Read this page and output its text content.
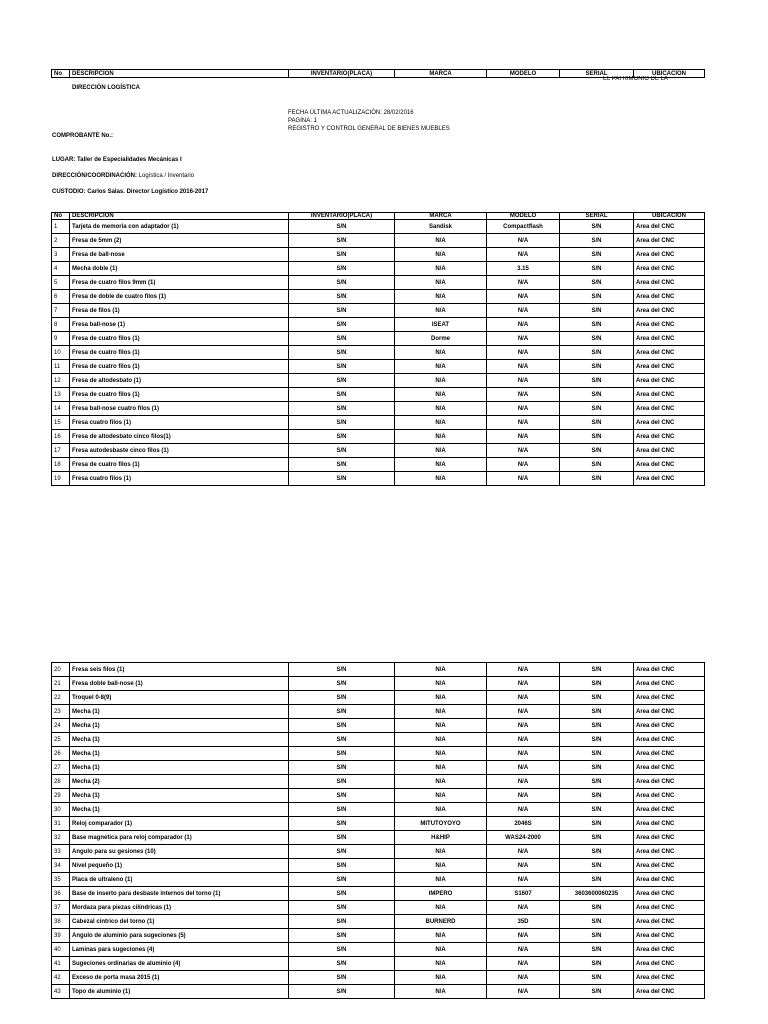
No	DESCRIPCION	INVENTARIO(PLACA)	MARCA	MODELO	SERIAL	UBICACION
EL PATRIMONIO DE LA
DIRECCIÓN LOGÍSTICA
FECHA ÚLTIMA ACTUALIZACIÓN: 28/02/2016
PAGINA: 1
REGISTRO Y CONTROL GENERAL DE BIENES MUEBLES
COMPROBANTE No.:
LUGAR: Taller de Especialidades Mecánicas I
DIRECCIÓN/COORDINACIÓN: Logística / Inventario
CUSTODIO: Carlos Salas. Director Logístico 2016-2017
No	DESCRIPCION	INVENTARIO(PLACA)	MARCA	MODELO	SERIAL	UBICACION
1	Tarjeta de memoria con adaptador (1)	S/N	Sandisk	Compactflash	S/N	Area del CNC
2	Fresa de 5mm (2)	S/N	N/A	N/A	S/N	Area del CNC
3	Fresa de ball-nose	S/N	N/A	N/A	S/N	Area del CNC
4	Mecha doble (1)	S/N	N/A	3.15	S/N	Area del CNC
5	Fresa de cuatro filos 9mm (1)	S/N	N/A	N/A	S/N	Area del CNC
6	Fresa de doble de cuatro filos (1)	S/N	N/A	N/A	S/N	Area del CNC
7	Fresa de filos (1)	S/N	N/A	N/A	S/N	Area del CNC
8	Fresa ball-nose (1)	S/N	ISEAT	N/A	S/N	Area del CNC
9	Fresa de cuatro filos (1)	S/N	Dorme	N/A	S/N	Area del CNC
10	Fresa de cuatro filos (1)	S/N	N/A	N/A	S/N	Area del CNC
11	Fresa de cuatro filos (1)	S/N	N/A	N/A	S/N	Area del CNC
12	Fresa de altodesbato (1)	S/N	N/A	N/A	S/N	Area del CNC
13	Fresa de cuatro filos (1)	S/N	N/A	N/A	S/N	Area del CNC
14	Fresa ball-nose cuatro filos (1)	S/N	N/A	N/A	S/N	Area del CNC
15	Fresa cuatro filos (1)	S/N	N/A	N/A	S/N	Area del CNC
16	Fresa de altodesbato cinco filos(1)	S/N	N/A	N/A	S/N	Area del CNC
17	Fresa autodesbaste cinco filos (1)	S/N	N/A	N/A	S/N	Area del CNC
18	Fresa de cuatro filos (1)	S/N	N/A	N/A	S/N	Area del CNC
19	Fresa cuatro filos (1)	S/N	N/A	N/A	S/N	Area del CNC
20	Fresa seis filos (1)	S/N	N/A	N/A	S/N	Area del CNC
21	Fresa doble ball-nose (1)	S/N	N/A	N/A	S/N	Area del CNC
22	Troquel 0-8(9)	S/N	N/A	N/A	S/N	Area del CNC
23	Mecha (1)	S/N	N/A	N/A	S/N	Area del CNC
24	Mecha (1)	S/N	N/A	N/A	S/N	Area del CNC
25	Mecha (1)	S/N	N/A	N/A	S/N	Area del CNC
26	Mecha (1)	S/N	N/A	N/A	S/N	Area del CNC
27	Mecha (1)	S/N	N/A	N/A	S/N	Area del CNC
28	Mecha (2)	S/N	N/A	N/A	S/N	Area del CNC
29	Mecha (1)	S/N	N/A	N/A	S/N	Area del CNC
30	Mecha (1)	S/N	N/A	N/A	S/N	Area del CNC
31	Reloj comparador (1)	S/N	MITUTOYOYO	2046S	S/N	Area del CNC
32	Base magnetica para reloj comparador (1)	S/N	H&HIP	WAS24-2000	S/N	Area del CNC
33	Angulo para su gesiones (10)	S/N	N/A	N/A	S/N	Area del CNC
34	Nivel pequeño (1)	S/N	N/A	N/A	S/N	Area del CNC
35	Placa de ultraleno (1)	S/N	N/A	N/A	S/N	Area del CNC
36	Base de inserto para desbaste internos del torno (1)	S/N	IMPERO	S1607	3603600060235	Area del CNC
37	Mordaza para piezas cilíndricas (1)	S/N	N/A	N/A	S/N	Area del CNC
38	Cabezal cintrico del torno (1)	S/N	BURNERD	35D	S/N	Area del CNC
39	Angulo de aluminio para sugeciones (5)	S/N	N/A	N/A	S/N	Area del CNC
40	Laminas para sugeciones (4)	S/N	N/A	N/A	S/N	Area del CNC
41	Sugeciones ordinarias de aluminio (4)	S/N	N/A	N/A	S/N	Area del CNC
42	Exceso de porta masa 2015 (1)	S/N	N/A	N/A	S/N	Area del CNC
43	Topo de aluminio (1)	S/N	N/A	N/A	S/N	Area del CNC
